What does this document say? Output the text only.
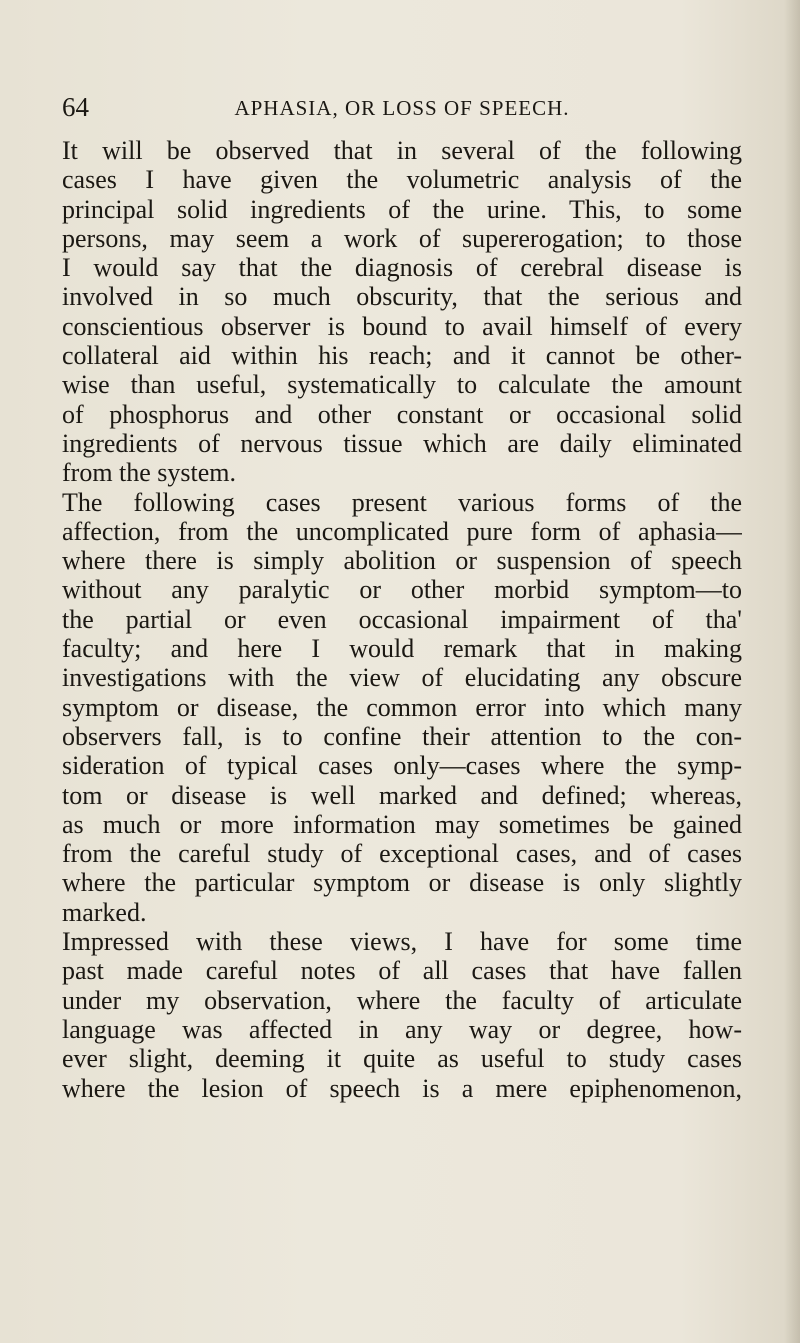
64	APHASIA, OR LOSS OF SPEECH.
It will be observed that in several of the following
cases I have given the volumetric analysis of the
principal solid ingredients of the urine. This, to some
persons, may seem a work of supererogation; to those
I would say that the diagnosis of cerebral disease is
involved in so much obscurity, that the serious and
conscientious observer is bound to avail himself of every
collateral aid within his reach; and it cannot be other-
wise than useful, systematically to calculate the amount
of phosphorus and other constant or occasional solid
ingredients of nervous tissue which are daily eliminated
from the system.
The following cases present various forms of the
affection, from the uncomplicated pure form of aphasia—
where there is simply abolition or suspension of speech
without any paralytic or other morbid symptom—to
the partial or even occasional impairment of tha'
faculty; and here I would remark that in making
investigations with the view of elucidating any obscure
symptom or disease, the common error into which many
observers fall, is to confine their attention to the con-
sideration of typical cases only—cases where the symp-
tom or disease is well marked and defined; whereas,
as much or more information may sometimes be gained
from the careful study of exceptional cases, and of cases
where the particular symptom or disease is only slightly
marked.
Impressed with these views, I have for some time
past made careful notes of all cases that have fallen
under my observation, where the faculty of articulate
language was affected in any way or degree, how-
ever slight, deeming it quite as useful to study cases
where the lesion of speech is a mere epiphenomenon,
